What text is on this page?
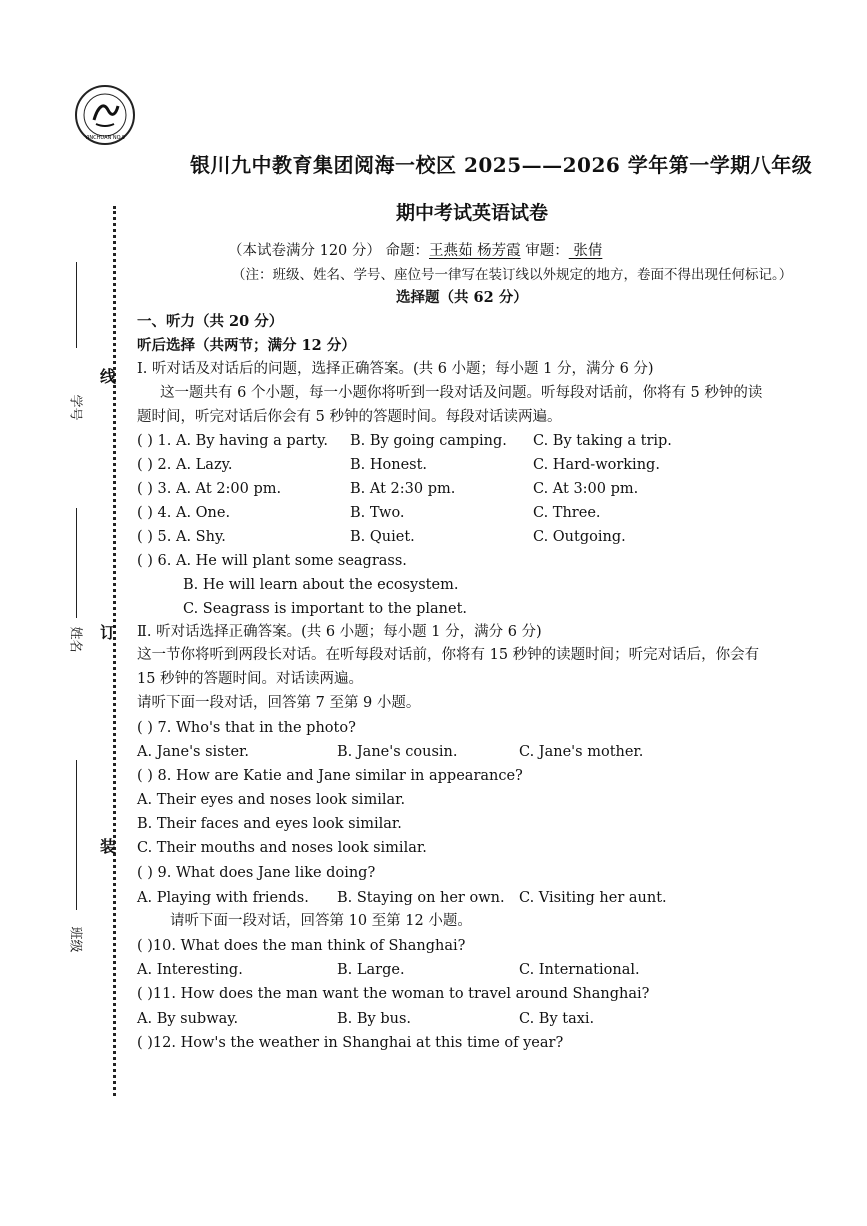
YINCHUAN NO.9
学号
姓名
班级
线
订
装
银川九中教育集团阅海一校区 2025——2026 学年第一学期八年级
期中考试英语试卷
（本试卷满分 120 分） 命题：王燕茹 杨芳霞 审题： 张倩
（注：班级、姓名、学号、座位号一律写在装订线以外规定的地方，卷面不得出现任何标记。）
选择题（共 62 分）
一、听力（共 20 分）
听后选择（共两节；满分 12 分）
Ⅰ. 听对话及对话后的问题，选择正确答案。(共 6 小题；每小题 1 分，满分 6 分)
这一题共有 6 个小题，每一小题你将听到一段对话及问题。听每段对话前，你将有 5 秒钟的读
题时间，听完对话后你会有 5 秒钟的答题时间。每段对话读两遍。
( ) 1. A. By having a party. B. By going camping. C. By taking a trip.
( ) 2. A. Lazy.	B. Honest.	C. Hard-working.
( ) 3. A. At 2:00 pm.	B. At 2:30 pm.	C. At 3:00 pm.
( ) 4. A. One.	B. Two.	C. Three.
( ) 5. A. Shy.	B. Quiet.	C. Outgoing.
( ) 6. A. He will plant some seagrass.
B. He will learn about the ecosystem.
C. Seagrass is important to the planet.
Ⅱ. 听对话选择正确答案。(共 6 小题；每小题 1 分，满分 6 分)
这一节你将听到两段长对话。在听每段对话前，你将有 15 秒钟的读题时间；听完对话后，你会有
15 秒钟的答题时间。对话读两遍。
请听下面一段对话，回答第 7 至第 9 小题。
( ) 7. Who's that in the photo?
A. Jane's sister.	B. Jane's cousin.	C. Jane's mother.
( ) 8. How are Katie and Jane similar in appearance?
A. Their eyes and noses look similar.
B. Their faces and eyes look similar.
C. Their mouths and noses look similar.
( ) 9. What does Jane like doing?
A. Playing with friends. B. Staying on her own. C. Visiting her aunt.
请听下面一段对话，回答第 10 至第 12 小题。
( )10. What does the man think of Shanghai?
A. Interesting.	B. Large.	C. International.
( )11. How does the man want the woman to travel around Shanghai?
A. By subway.	B. By bus.	C. By taxi.
( )12. How's the weather in Shanghai at this time of year?
